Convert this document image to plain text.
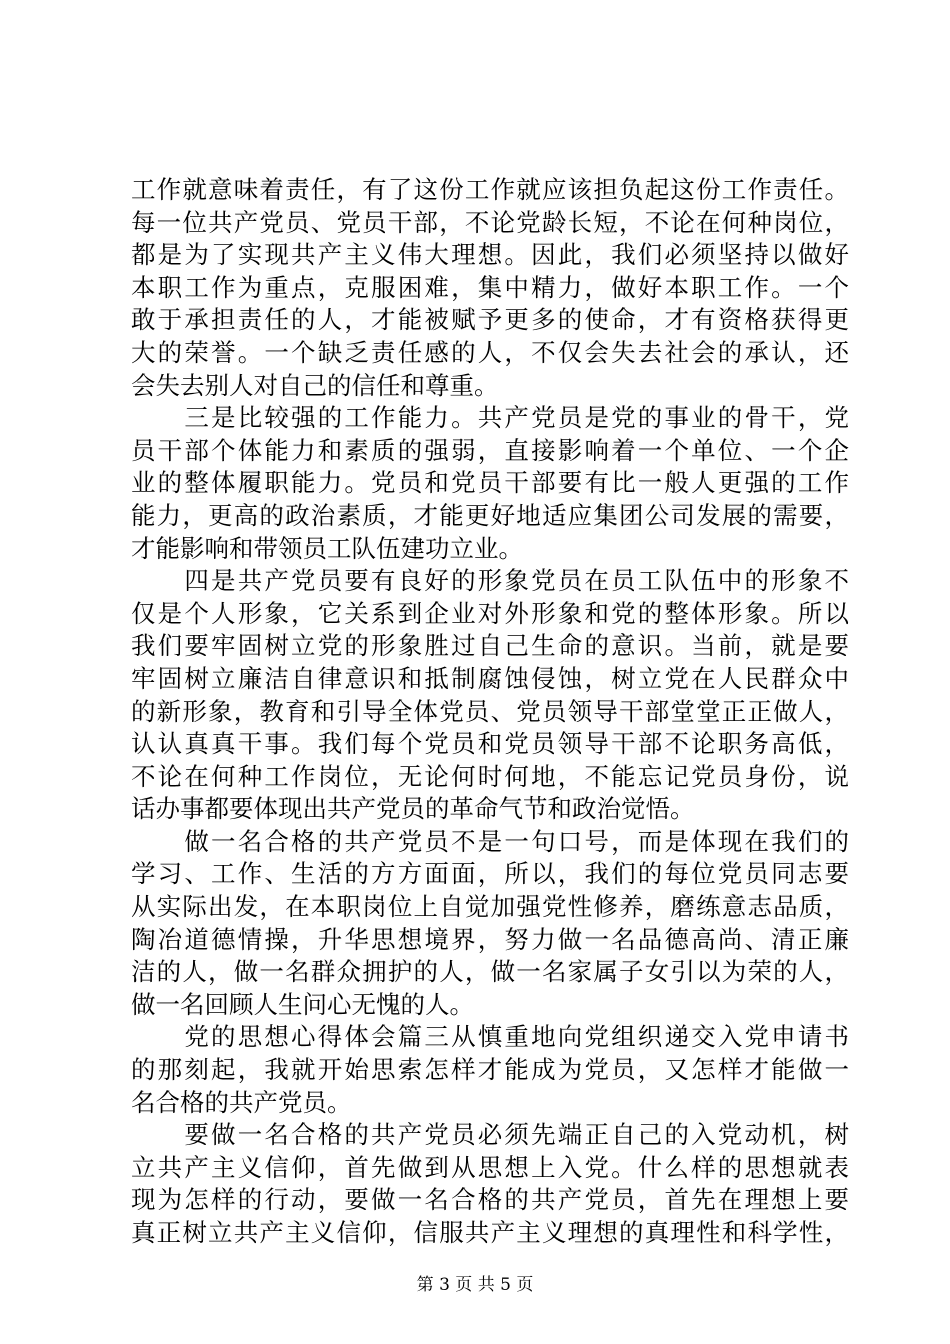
工作就意味着责任，有了这份工作就应该担负起这份工作责任。
每一位共产党员、党员干部，不论党龄长短，不论在何种岗位，
都是为了实现共产主义伟大理想。因此，我们必须坚持以做好
本职工作为重点，克服困难，集中精力，做好本职工作。一个
敢于承担责任的人，才能被赋予更多的使命，才有资格获得更
大的荣誉。一个缺乏责任感的人，不仅会失去社会的承认，还
会失去别人对自己的信任和尊重。
　　三是比较强的工作能力。共产党员是党的事业的骨干，党
员干部个体能力和素质的强弱，直接影响着一个单位、一个企
业的整体履职能力。党员和党员干部要有比一般人更强的工作
能力，更高的政治素质，才能更好地适应集团公司发展的需要，
才能影响和带领员工队伍建功立业。
　　四是共产党员要有良好的形象党员在员工队伍中的形象不
仅是个人形象，它关系到企业对外形象和党的整体形象。所以
我们要牢固树立党的形象胜过自己生命的意识。当前，就是要
牢固树立廉洁自律意识和抵制腐蚀侵蚀，树立党在人民群众中
的新形象，教育和引导全体党员、党员领导干部堂堂正正做人，
认认真真干事。我们每个党员和党员领导干部不论职务高低，
不论在何种工作岗位，无论何时何地，不能忘记党员身份，说
话办事都要体现出共产党员的革命气节和政治觉悟。
　　做一名合格的共产党员不是一句口号，而是体现在我们的
学习、工作、生活的方方面面，所以，我们的每位党员同志要
从实际出发，在本职岗位上自觉加强党性修养，磨练意志品质，
陶冶道德情操，升华思想境界，努力做一名品德高尚、清正廉
洁的人，做一名群众拥护的人，做一名家属子女引以为荣的人，
做一名回顾人生问心无愧的人。
　　党的思想心得体会篇三从慎重地向党组织递交入党申请书
的那刻起，我就开始思索怎样才能成为党员，又怎样才能做一
名合格的共产党员。
　　要做一名合格的共产党员必须先端正自己的入党动机，树
立共产主义信仰，首先做到从思想上入党。什么样的思想就表
现为怎样的行动，要做一名合格的共产党员，首先在理想上要
真正树立共产主义信仰，信服共产主义理想的真理性和科学性，
第 3 页 共 5 页
